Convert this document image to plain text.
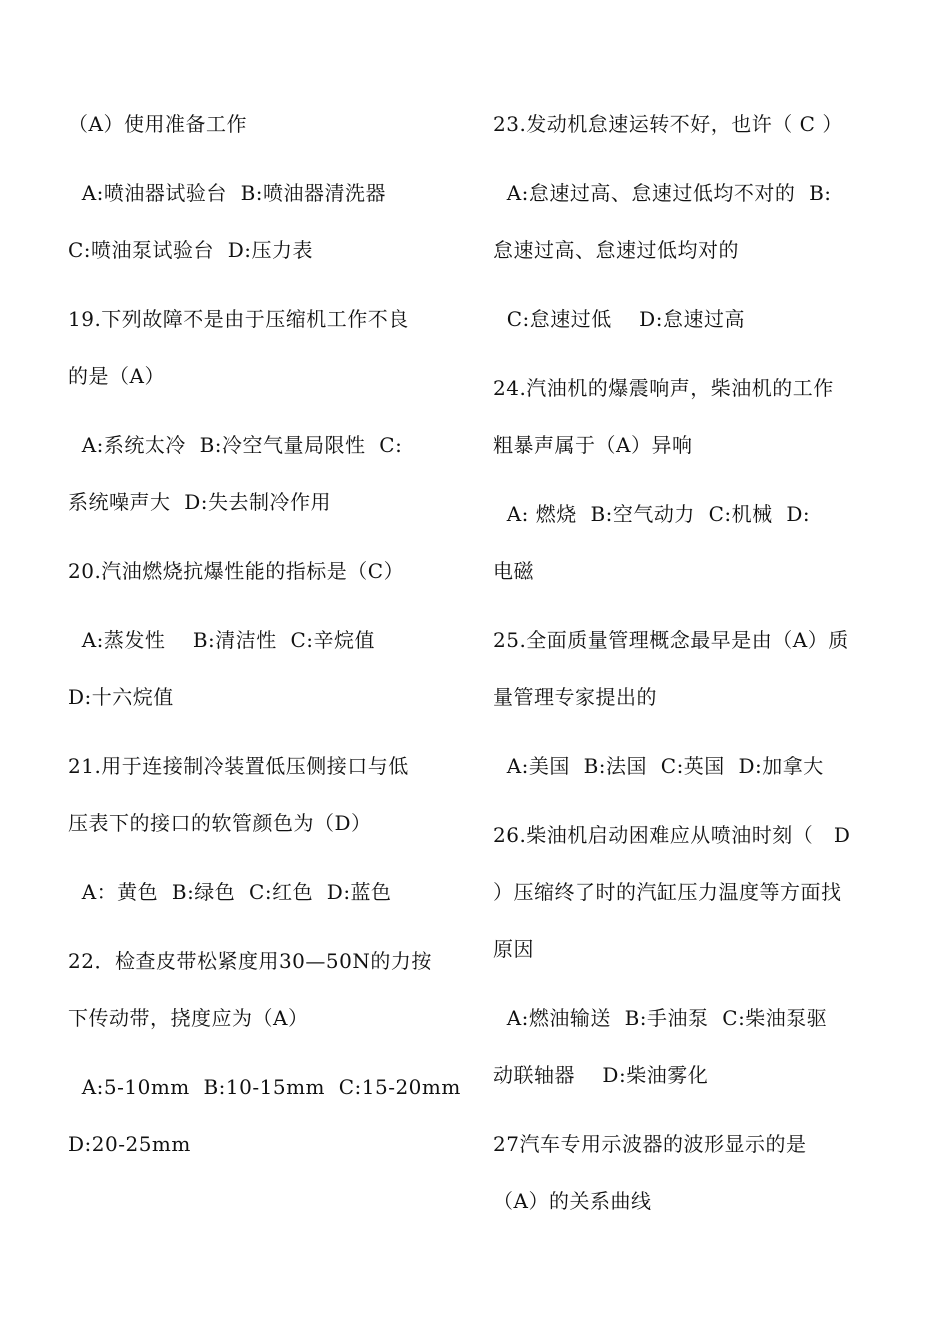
（A）使用准备工作
A:喷油器试验台  B:喷油器清洗器
C:喷油泵试验台  D:压力表
19.下列故障不是由于压缩机工作不良
的是（A）
A:系统太冷  B:冷空气量局限性  C:
系统噪声大  D:失去制冷作用
20.汽油燃烧抗爆性能的指标是（C）
A:蒸发性    B:清洁性  C:辛烷值
D:十六烷值
21.用于连接制冷装置低压侧接口与低
压表下的接口的软管颜色为（D）
A：黄色  B:绿色  C:红色  D:蓝色
22．检查皮带松紧度用30—50N的力按
下传动带，挠度应为（A）
A:5-10mm  B:10-15mm  C:15-20mm
D:20-25mm
23.发动机怠速运转不好，也许（ C ）
A:怠速过高、怠速过低均不对的  B:
怠速过高、怠速过低均对的
C:怠速过低    D:怠速过高
24.汽油机的爆震响声，柴油机的工作
粗暴声属于（A）异响
A: 燃烧  B:空气动力  C:机械  D:
电磁
25.全面质量管理概念最早是由（A）质
量管理专家提出的
A:美国  B:法国  C:英国  D:加拿大
26.柴油机启动困难应从喷油时刻（   D
）压缩终了时的汽缸压力温度等方面找
原因
A:燃油输送  B:手油泵  C:柴油泵驱
动联轴器    D:柴油雾化
27汽车专用示波器的波形显示的是
（A）的关系曲线
